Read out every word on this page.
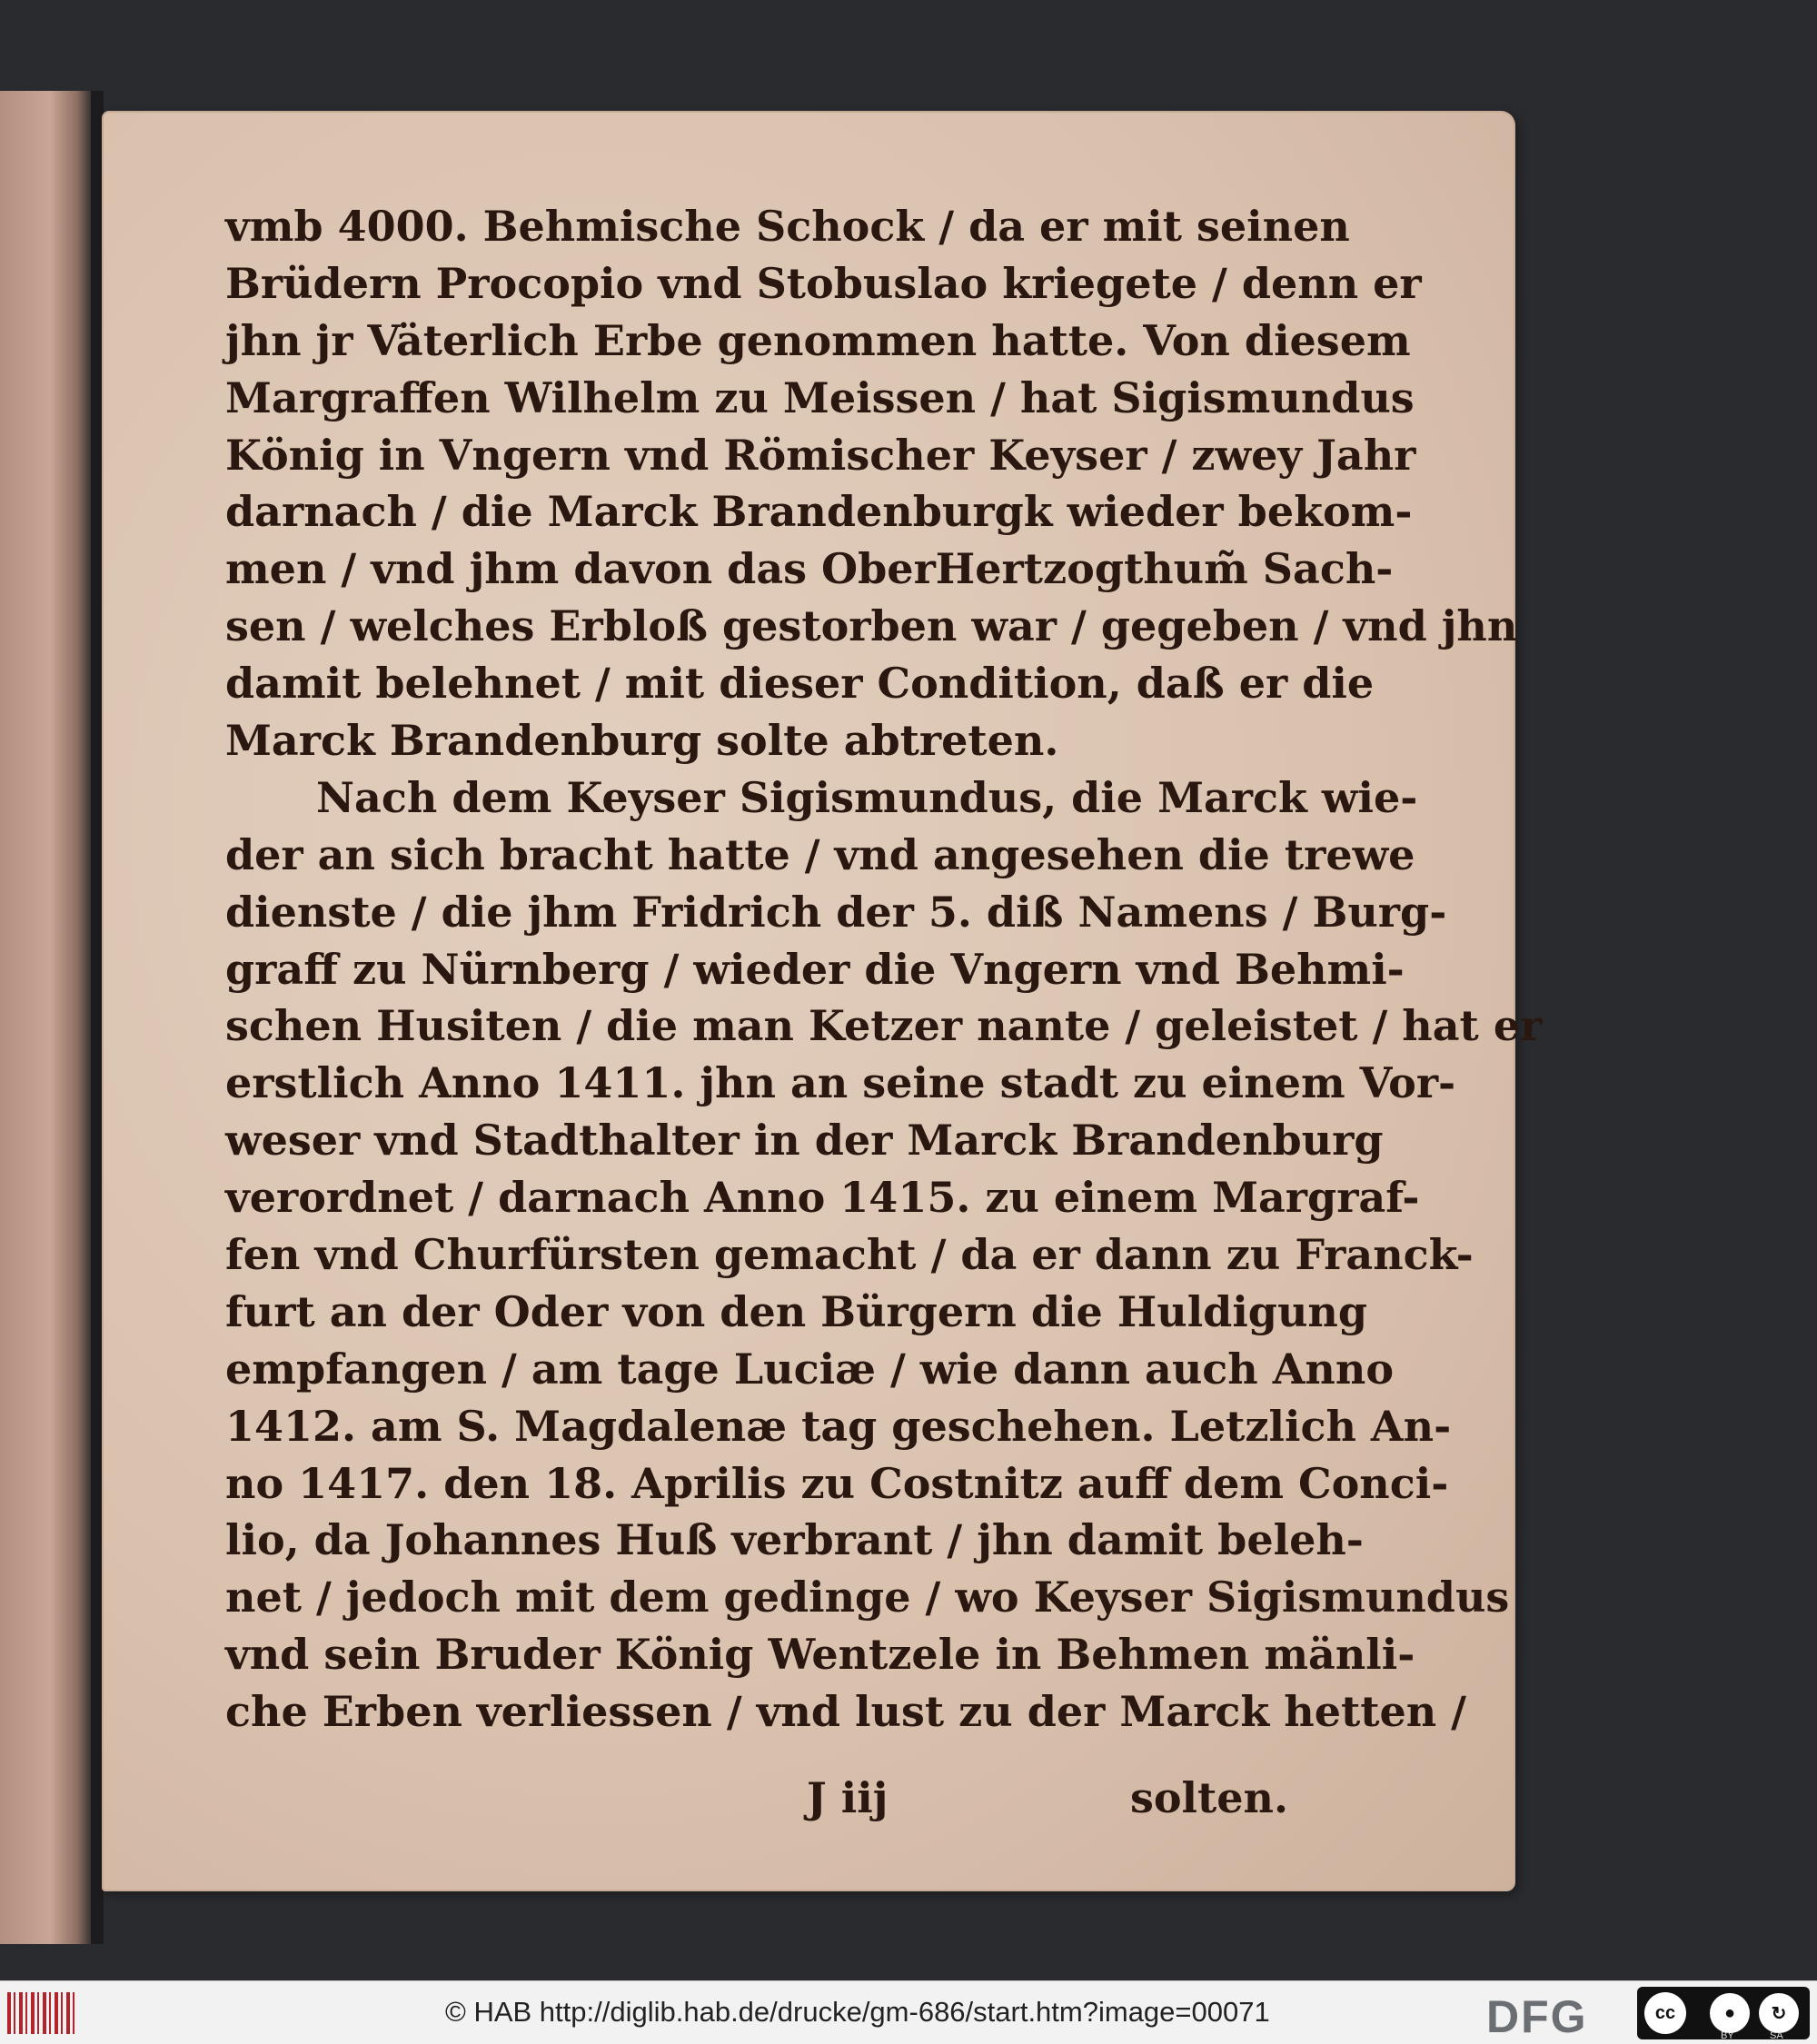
vmb 4000. Behmische Schock / da er mit seinen
Brüdern Procopio vnd Stobuslao kriegete / denn er
jhn jr Väterlich Erbe genommen hatte. Von diesem
Margraffen Wilhelm zu Meissen / hat Sigismundus
König in Vngern vnd Römischer Keyser / zwey Jahr
darnach / die Marck Brandenburgk wieder bekom-
men / vnd jhm davon das OberHertzogthum̃ Sach-
sen / welches Erbloß gestorben war / gegeben / vnd jhn
damit belehnet / mit dieser Condition, daß er die
Marck Brandenburg solte abtreten.
Nach dem Keyser Sigismundus, die Marck wie-
der an sich bracht hatte / vnd angesehen die trewe
dienste / die jhm Fridrich der 5. diß Namens / Burg-
graff zu Nürnberg / wieder die Vngern vnd Behmi-
schen Husiten / die man Ketzer nante / geleistet / hat er
erstlich Anno 1411. jhn an seine stadt zu einem Vor-
weser vnd Stadthalter in der Marck Brandenburg
verordnet / darnach Anno 1415. zu einem Margraf-
fen vnd Churfürsten gemacht / da er dann zu Franck-
furt an der Oder von den Bürgern die Huldigung
empfangen / am tage Luciæ / wie dann auch Anno
1412. am S. Magdalenæ tag geschehen. Letzlich An-
no 1417. den 18. Aprilis zu Costnitz auff dem Conci-
lio, da Johannes Huß verbrant / jhn damit beleh-
net / jedoch mit dem gedinge / wo Keyser Sigismundus
vnd sein Bruder König Wentzele in Behmen mänli-
che Erben verliessen / vnd lust zu der Marck hetten /
J iij	solten.
© HAB http://diglib.hab.de/drucke/gm-686/start.htm?image=00071	DFG	cc	●	↻
BY	SA
